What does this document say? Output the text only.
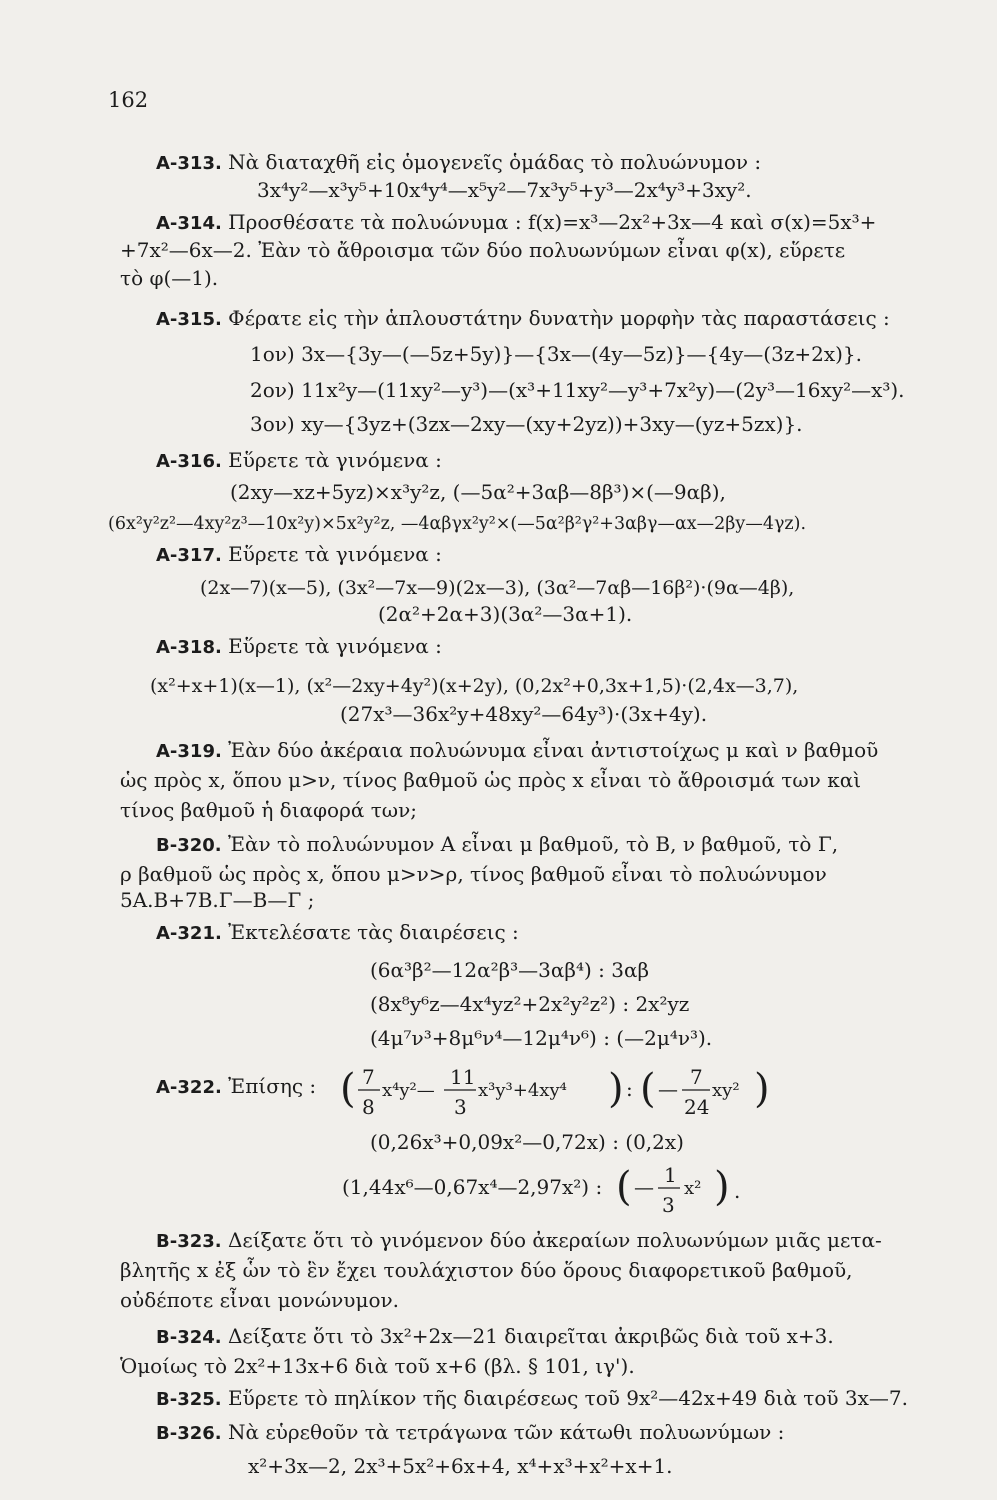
162
A-313. Νὰ διαταχθῆ εἰς ὁμογενεῖς ὁμάδας τὸ πολυώνυμον :
3x⁴y²—x³y⁵+10x⁴y⁴—x⁵y²—7x³y⁵+y³—2x⁴y³+3xy².
A-314. Προσθέσατε τὰ πολυώνυμα : f(x)=x³—2x²+3x—4 καὶ σ(x)=5x³+
+7x²—6x—2. Ἐὰν τὸ ἄθροισμα τῶν δύο πολυωνύμων εἶναι φ(x), εὕρετε
τὸ φ(—1).
A-315. Φέρατε εἰς τὴν ἁπλουστάτην δυνατὴν μορφὴν τὰς παραστάσεις :
1ον) 3x—{3y—(—5z+5y)}—{3x—(4y—5z)}—{4y—(3z+2x)}.
2ον) 11x²y—(11xy²—y³)—(x³+11xy²—y³+7x²y)—(2y³—16xy²—x³).
3ον) xy—{3yz+(3zx—2xy—(xy+2yz))+3xy—(yz+5zx)}.
A-316. Εὕρετε τὰ γινόμενα :
(2xy—xz+5yz)×x³y²z, (—5α²+3αβ—8β³)×(—9αβ),
(6x²y²z²—4xy²z³—10x²y)×5x²y²z, —4αβγx²y²×(—5α²β²γ²+3αβγ—αx—2βy—4γz).
A-317. Εὕρετε τὰ γινόμενα :
(2x—7)(x—5), (3x²—7x—9)(2x—3), (3α²—7αβ—16β²)·(9α—4β),
(2α²+2α+3)(3α²—3α+1).
A-318. Εὕρετε τὰ γινόμενα :
(x²+x+1)(x—1), (x²—2xy+4y²)(x+2y), (0,2x²+0,3x+1,5)·(2,4x—3,7),
(27x³—36x²y+48xy²—64y³)·(3x+4y).
A-319. Ἐὰν δύο ἀκέραια πολυώνυμα εἶναι ἀντιστοίχως μ καὶ ν βαθμοῦ
ὡς πρὸς x, ὅπου μ>ν, τίνος βαθμοῦ ὡς πρὸς x εἶναι τὸ ἄθροισμά των καὶ
τίνος βαθμοῦ ἡ διαφορά των;
B-320. Ἐὰν τὸ πολυώνυμον Α εἶναι μ βαθμοῦ, τὸ Β, ν βαθμοῦ, τὸ Γ,
ρ βαθμοῦ ὡς πρὸς x, ὅπου μ>ν>ρ, τίνος βαθμοῦ εἶναι τὸ πολυώνυμον
5Α.Β+7Β.Γ—Β—Γ ;
A-321. Ἐκτελέσατε τὰς διαιρέσεις :
(6α³β²—12α²β³—3αβ⁴) : 3αβ
(8x⁸y⁶z—4x⁴yz²+2x²y²z²) : 2x²yz
(4μ⁷ν³+8μ⁶ν⁴—12μ⁴ν⁶) : (—2μ⁴ν³).
A-322. Ἐπίσης : ( 7
8
x⁴y²—
11
3
x³y³+4xy⁴ ) : ( — 7
24
xy² )
(0,26x³+0,09x²—0,72x) : (0,2x)
(1,44x⁶—0,67x⁴—2,97x²) : ( — 1
3
x² ) .
B-323. Δείξατε ὅτι τὸ γινόμενον δύο ἀκεραίων πολυωνύμων μιᾶς μετα-
βλητῆς x ἐξ ὧν τὸ ἓν ἔχει τουλάχιστον δύο ὅρους διαφορετικοῦ βαθμοῦ,
οὐδέποτε εἶναι μονώνυμον.
B-324. Δείξατε ὅτι τὸ 3x²+2x—21 διαιρεῖται ἀκριβῶς διὰ τοῦ x+3.
Ὁμοίως τὸ 2x²+13x+6 διὰ τοῦ x+6 (βλ. § 101, ιγ').
B-325. Εὕρετε τὸ πηλίκον τῆς διαιρέσεως τοῦ 9x²—42x+49 διὰ τοῦ 3x—7.
B-326. Νὰ εὑρεθοῦν τὰ τετράγωνα τῶν κάτωθι πολυωνύμων :
x²+3x—2, 2x³+5x²+6x+4, x⁴+x³+x²+x+1.
